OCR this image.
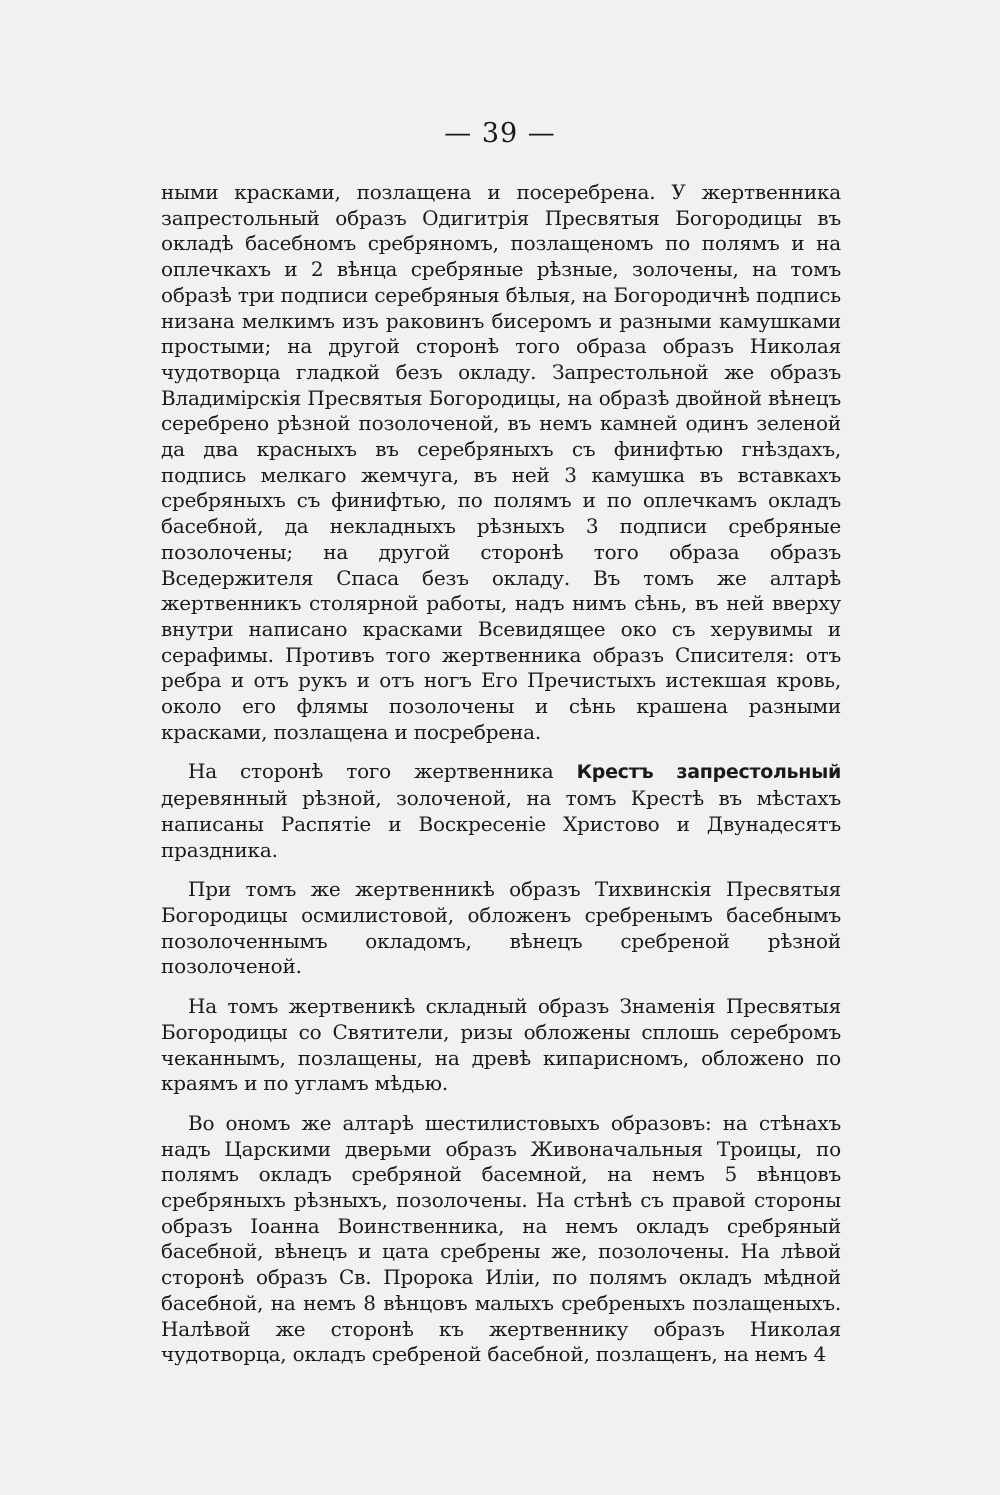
— 39 —

ными красками, позлащена и посеребрена. У жертвенника запрестольный образъ Одигитрія Пресвятыя Богородицы въ окладѣ басебномъ сребряномъ, позлащеномъ по полямъ и на оплечкахъ и 2 вѣнца сребряные рѣзные, золочены, на томъ образѣ три подписи серебряныя бѣлыя, на Богородичнѣ подпись низана мелкимъ изъ раковинъ бисеромъ и разными камушками простыми; на другой сторонѣ того образа образъ Николая чудотворца гладкой безъ окладу. Запрестольной же образъ Владимірскія Пресвятыя Богородицы, на образѣ двойной вѣнецъ серебрено рѣзной позолоченой, въ немъ камней одинъ зеленой да два красныхъ въ серебряныхъ съ финифтью гнѣздахъ, подпись мелкаго жемчуга, въ ней 3 камушка въ вставкахъ сребряныхъ съ финифтью, по полямъ и по оплечкамъ окладъ басебной, да некладныхъ рѣзныхъ 3 подписи сребряные позолочены; на другой сторонѣ того образа образъ Вседержителя Спаса безъ окладу. Въ томъ же алтарѣ жертвенникъ столярной работы, надъ нимъ сѣнь, въ ней вверху внутри написано красками Всевидящее око съ херувимы и серафимы. Противъ того жертвенника образъ Списителя: отъ ребра и отъ рукъ и отъ ногъ Его Пречистыхъ истекшая кровь, около его флямы позолочены и сѣнь крашена разными красками, позлащена и посребрена.

На сторонѣ того жертвенника Крестъ запрестольный деревянный рѣзной, золоченой, на томъ Крестѣ въ мѣстахъ написаны Распятіе и Воскресеніе Христово и Двунадесятъ праздника.

При томъ же жертвенникѣ образъ Тихвинскія Пресвятыя Богородицы осмилистовой, обложенъ сребренымъ басебнымъ позолоченнымъ окладомъ, вѣнецъ сребреной рѣзной позолоченой.

На томъ жертвеникѣ складный образъ Знаменія Пресвятыя Богородицы со Святители, ризы обложены сплошь серебромъ чеканнымъ, позлащены, на древѣ кипарисномъ, обложено по краямъ и по угламъ мѣдью.

Во ономъ же алтарѣ шестилистовыхъ образовъ: на стѣнахъ надъ Царскими дверьми образъ Живоначальныя Троицы, по полямъ окладъ сребряной басемной, на немъ 5 вѣнцовъ сребряныхъ рѣзныхъ, позолочены. На стѣнѣ съ правой стороны образъ Іоанна Воинственника, на немъ окладъ сребряный басебной, вѣнецъ и цата сребрены же, позолочены. На лѣвой сторонѣ образъ Св. Пророка Иліи, по полямъ окладъ мѣдной басебной, на немъ 8 вѣнцовъ малыхъ сребреныхъ позлащеныхъ. Налѣвой же сторонѣ къ жертвеннику образъ Николая чудотворца, окладъ сребреной басебной, позлащенъ, на немъ 4
